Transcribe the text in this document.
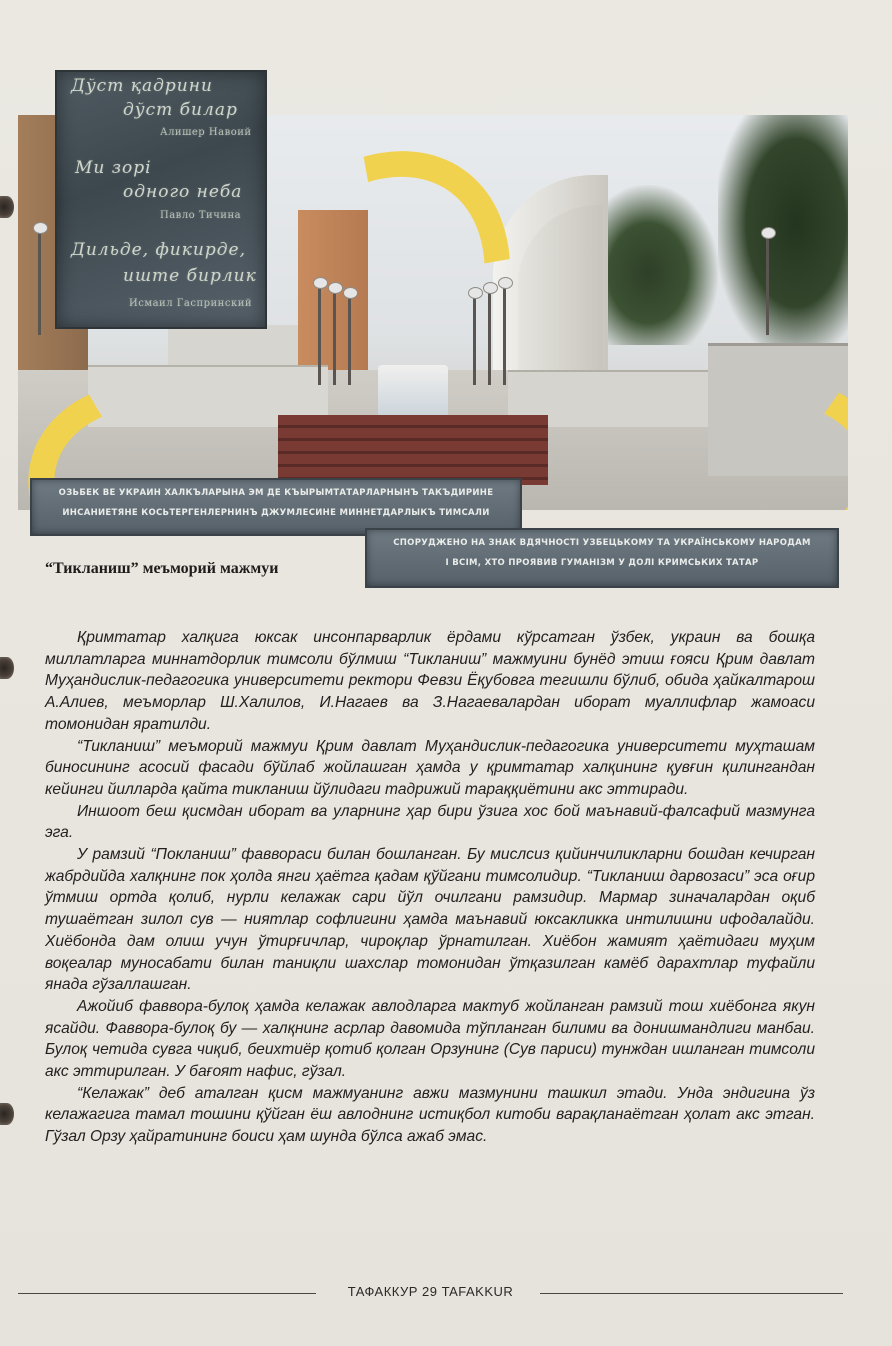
Дўст қадрини
дўст билар
Алишер Навоий
Ми зорі
одного неба
Павло Тичина
Дильде, фикирде,
иште бирлик
Исмаил Гаспринский
ОЗЬБЕК ВЕ УКРАИН ХАЛКЪЛАРЫНА ЭМ ДЕ КЪЫРЫМТАТАРЛАРНЫНЪ ТАКЪДИРИНЕ
ИНСАНИЕТЯНЕ КОСЬТЕРГЕНЛЕРНИНЪ ДЖУМЛЕСИНЕ МИННЕТДАРЛЫКЪ ТИМСАЛИ
СПОРУДЖЕНО НА ЗНАК ВДЯЧНОСТІ УЗБЕЦЬКОМУ ТА УКРАЇНСЬКОМУ НАРОДАМ
І ВСІМ, ХТО ПРОЯВИВ ГУМАНІЗМ У ДОЛІ КРИМСЬКИХ ТАТАР
“Тикланиш” меъморий мажмуи

Қримтатар халқига юксак инсонпарварлик ёрдами кўрсатган ўзбек, украин ва бошқа миллатларга миннатдорлик тимсоли бўлмиш “Тикланиш” мажмуини бунёд этиш ғояси Қрим давлат Муҳандислик-педагогика университети ректори Февзи Ёқубовга тегишли бўлиб, обида ҳайкалтарош А.Алиев, меъморлар Ш.Халилов, И.Нагаев ва З.Нагаевалардан иборат муаллифлар жамоаси томонидан яратилди.

“Тикланиш” меъморий мажмуи Қрим давлат Муҳандислик-педагогика университети муҳташам биносининг асосий фасади бўйлаб жойлашган ҳамда у қримтатар халқининг қувғин қилингандан кейинги йилларда қайта тикланиш йўлидаги тадрижий тараққиётини акс эттиради.

Иншоот беш қисмдан иборат ва уларнинг ҳар бири ўзига хос бой маънавий-фалсафий мазмунга эга.

У рамзий “Покланиш” фаввораси билан бошланган. Бу мислсиз қийинчиликларни бошдан кечирган жабрдийда халқнинг пок ҳолда янги ҳаётга қадам қўйгани тимсолидир. “Тикланиш дарвозаси” эса оғир ўтмиш ортда қолиб, нурли келажак сари йўл очилгани рамзидир. Мармар зиначалардан оқиб тушаётган зилол сув — ниятлар софлигини ҳамда маънавий юксакликка интилишни ифодалайди. Хиёбонда дам олиш учун ўтирғичлар, чироқлар ўрнатилган. Хиёбон жамият ҳаётидаги муҳим воқеалар муносабати билан таниқли шахслар томонидан ўтқазилган камёб дарахтлар туфайли янада гўзаллашган.

Ажойиб фаввора-булоқ ҳамда келажак авлодларга мактуб жойланган рамзий тош хиёбонга якун ясайди. Фаввора-булоқ бу — халқнинг асрлар давомида тўпланган билими ва донишмандлиги манбаи. Булоқ четида сувга чиқиб, беихтиёр қотиб қолган Орзунинг (Сув париси) тунждан ишланган тимсоли акс эттирилган. У бағоят нафис, гўзал.

“Келажак” деб аталган қисм мажмуанинг авжи мазмунини ташкил этади. Унда эндигина ўз келажагига тамал тошини қўйган ёш авлоднинг истиқбол китоби варақланаётган ҳолат акс этган. Гўзал Орзу ҳайратининг боиси ҳам шунда бўлса ажаб эмас.

ТАФАККУР 29 TAFAKKUR
